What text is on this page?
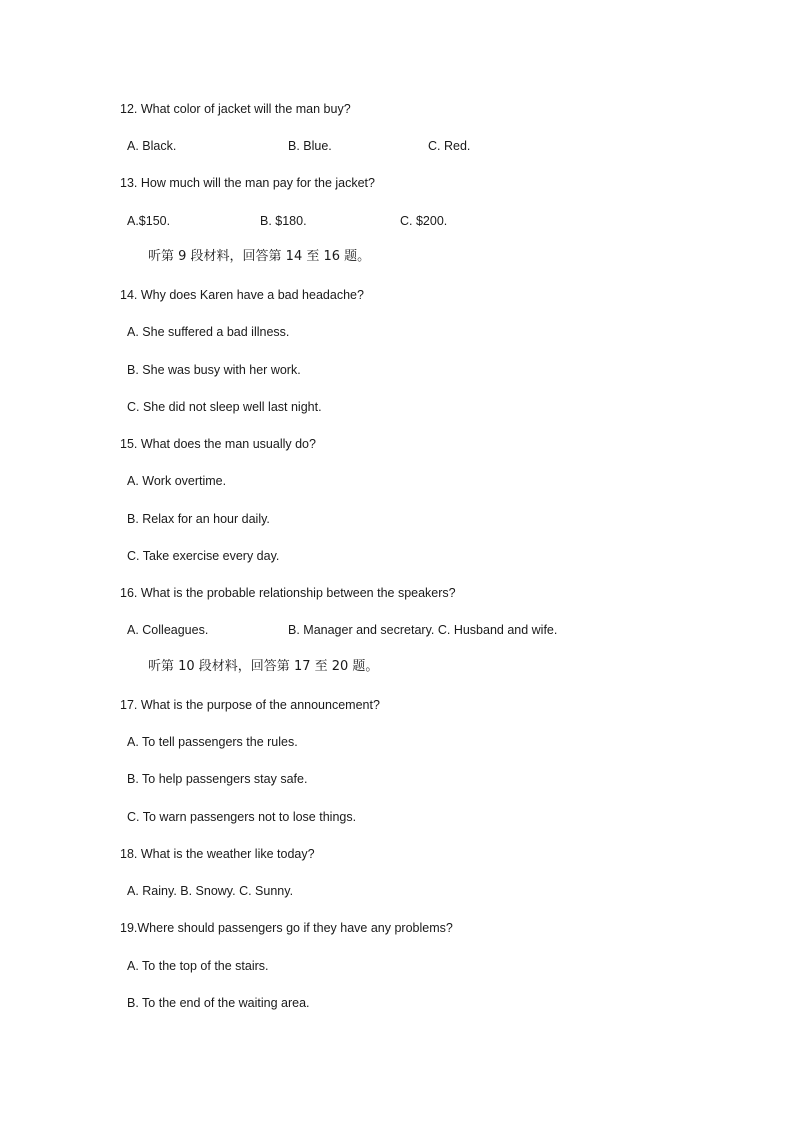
12. What color of jacket will the man buy?
A. Black.	B. Blue.	C. Red.
13. How much will the man pay for the jacket?
A.$150.	B. $180.	C. $200.
听第 9 段材料，回答第 14 至 16 题。
14. Why does Karen have a bad headache?
A. She suffered a bad illness.
B. She was busy with her work.
C. She did not sleep well last night.
15. What does the man usually do?
A. Work overtime.
B. Relax for an hour daily.
C. Take exercise every day.
16. What is the probable relationship between the speakers?
A. Colleagues.	B. Manager and secretary. C. Husband and wife.
听第 10 段材料，回答第 17 至 20 题。
17. What is the purpose of the announcement?
A. To tell passengers the rules.
B. To help passengers stay safe.
C. To warn passengers not to lose things.
18. What is the weather like today?
A. Rainy. B. Snowy. C. Sunny.
19.Where should passengers go if they have any problems?
A. To the top of the stairs.
B. To the end of the waiting area.
